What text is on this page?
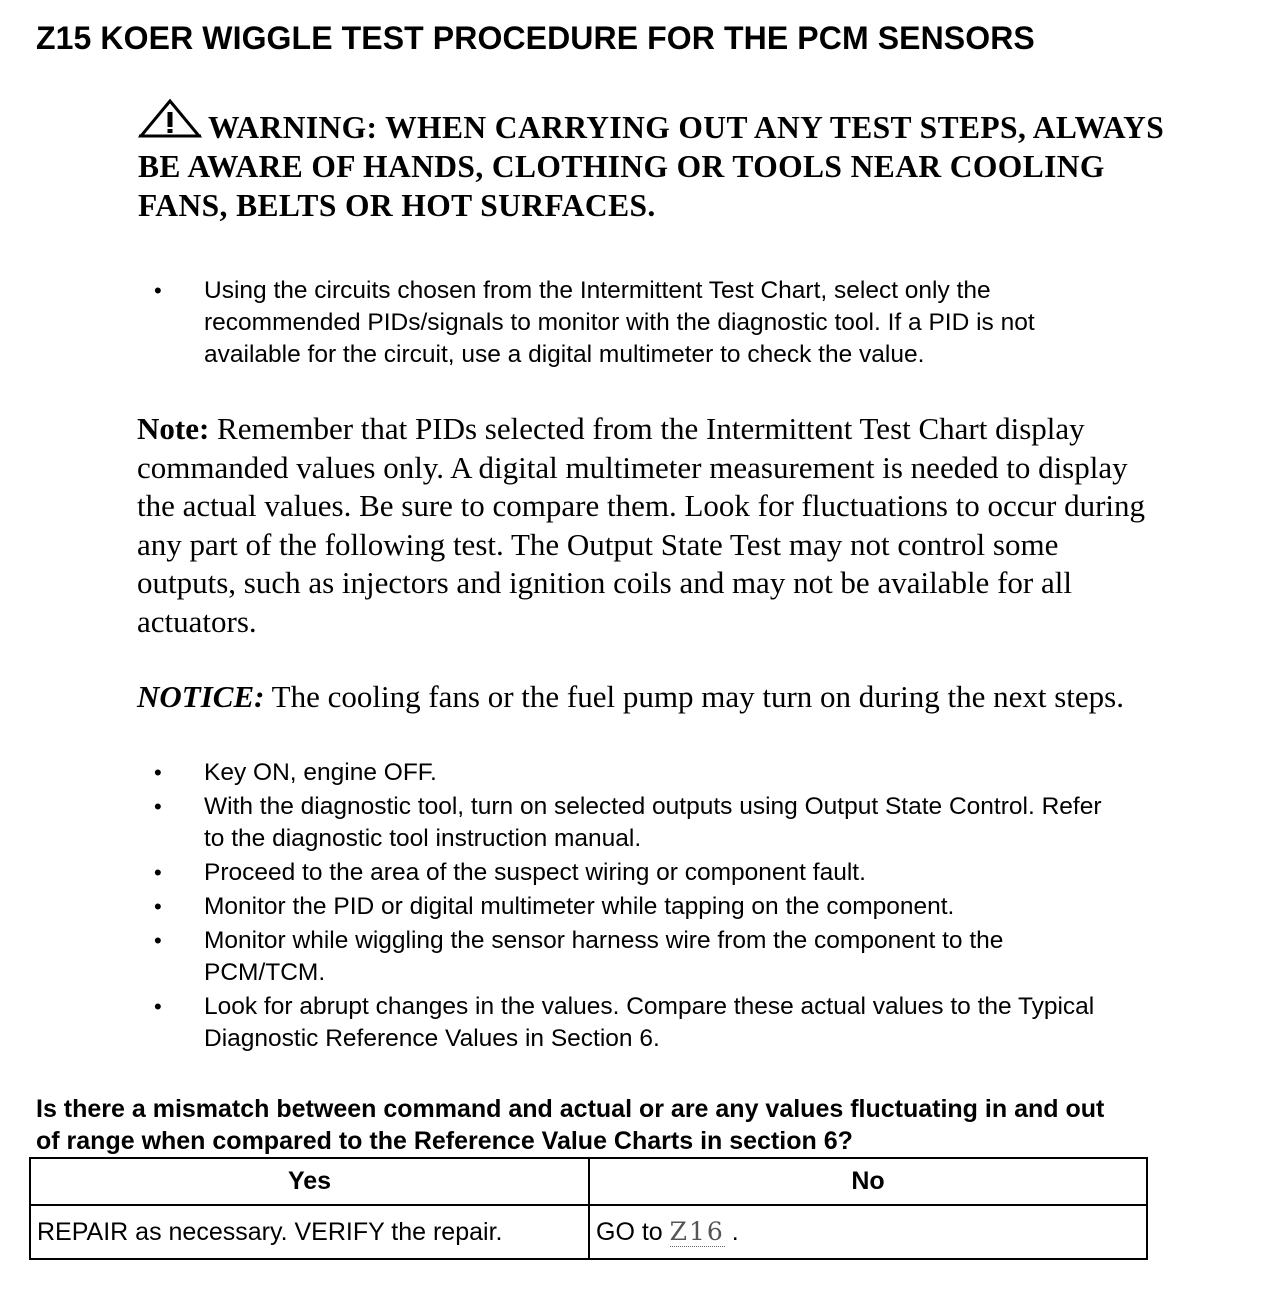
Z15 KOER WIGGLE TEST PROCEDURE FOR THE PCM SENSORS
WARNING: WHEN CARRYING OUT ANY TEST STEPS, ALWAYS
BE AWARE OF HANDS, CLOTHING OR TOOLS NEAR COOLING
FANS, BELTS OR HOT SURFACES.
• Using the circuits chosen from the Intermittent Test Chart, select only the
recommended PIDs/signals to monitor with the diagnostic tool. If a PID is not
available for the circuit, use a digital multimeter to check the value.
Note: Remember that PIDs selected from the Intermittent Test Chart display
commanded values only. A digital multimeter measurement is needed to display
the actual values. Be sure to compare them. Look for fluctuations to occur during
any part of the following test. The Output State Test may not control some
outputs, such as injectors and ignition coils and may not be available for all
actuators.
NOTICE: The cooling fans or the fuel pump may turn on during the next steps.
• Key ON, engine OFF.
• With the diagnostic tool, turn on selected outputs using Output State Control. Refer
to the diagnostic tool instruction manual.
• Proceed to the area of the suspect wiring or component fault.
• Monitor the PID or digital multimeter while tapping on the component.
• Monitor while wiggling the sensor harness wire from the component to the
PCM/TCM.
• Look for abrupt changes in the values. Compare these actual values to the Typical
Diagnostic Reference Values in Section 6.
Is there a mismatch between command and actual or are any values fluctuating in and out
of range when compared to the Reference Value Charts in section 6?
Yes	No
REPAIR as necessary. VERIFY the repair.	GO to Z16 .
